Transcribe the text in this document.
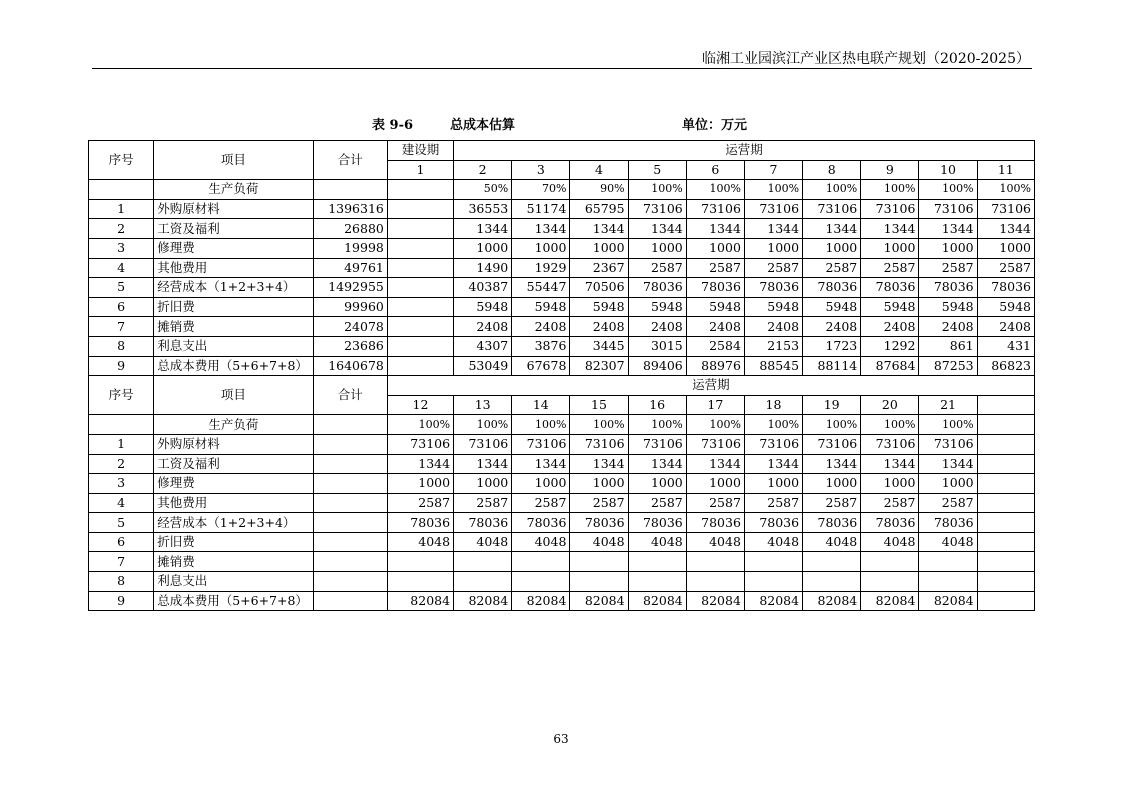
临湘工业园滨江产业区热电联产规划（2020-2025）
表 9-6	总成本估算	单位：万元
序号	项目	合计	建设期	运营期									
			1	2	3	4	5	6	7	8	9	10	11
	生产负荷			50%	70%	90%	100%	100%	100%	100%	100%	100%	100%
1	外购原材料	1396316		36553	51174	65795	73106	73106	73106	73106	73106	73106	73106
2	工资及福利	26880		1344	1344	1344	1344	1344	1344	1344	1344	1344	1344
3	修理费	19998		1000	1000	1000	1000	1000	1000	1000	1000	1000	1000
4	其他费用	49761		1490	1929	2367	2587	2587	2587	2587	2587	2587	2587
5	经营成本（1+2+3+4）	1492955		40387	55447	70506	78036	78036	78036	78036	78036	78036	78036
6	折旧费	99960		5948	5948	5948	5948	5948	5948	5948	5948	5948	5948
7	摊销费	24078		2408	2408	2408	2408	2408	2408	2408	2408	2408	2408
8	利息支出	23686		4307	3876	3445	3015	2584	2153	1723	1292	861	431
9	总成本费用（5+6+7+8）	1640678		53049	67678	82307	89406	88976	88545	88114	87684	87253	86823
序号	项目	合计	运营期										
			12	13	14	15	16	17	18	19	20	21	
	生产负荷		100%	100%	100%	100%	100%	100%	100%	100%	100%	100%	
1	外购原材料		73106	73106	73106	73106	73106	73106	73106	73106	73106	73106	
2	工资及福利		1344	1344	1344	1344	1344	1344	1344	1344	1344	1344	
3	修理费		1000	1000	1000	1000	1000	1000	1000	1000	1000	1000	
4	其他费用		2587	2587	2587	2587	2587	2587	2587	2587	2587	2587	
5	经营成本（1+2+3+4）		78036	78036	78036	78036	78036	78036	78036	78036	78036	78036	
6	折旧费		4048	4048	4048	4048	4048	4048	4048	4048	4048	4048	
7	摊销费												
8	利息支出												
9	总成本费用（5+6+7+8）		82084	82084	82084	82084	82084	82084	82084	82084	82084	82084	
63
